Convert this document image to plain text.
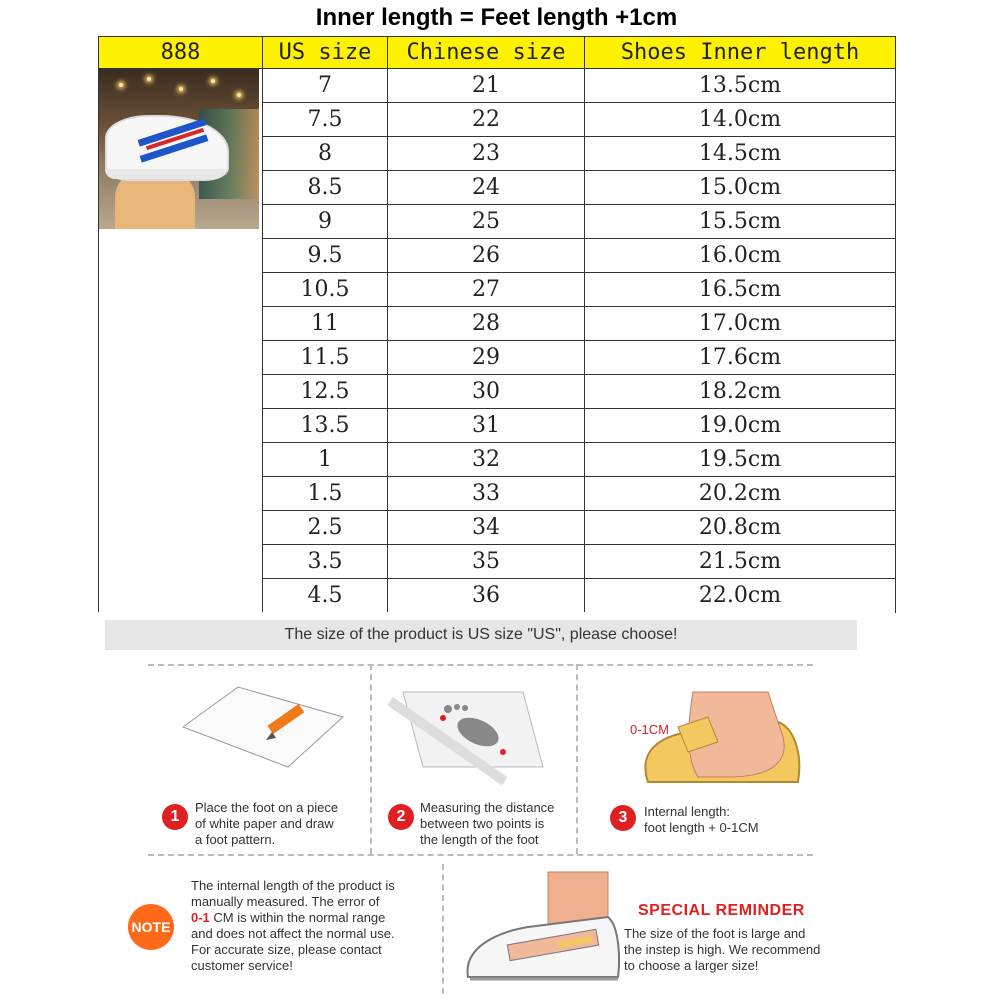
Inner length = Feet length +1cm
888	US size	Chinese size	Shoes Inner length

	7	21	13.5cm
	7.5	22	14.0cm
	8	23	14.5cm
	8.5	24	15.0cm
	9	25	15.5cm
	9.5	26	16.0cm
	10.5	27	16.5cm
	11	28	17.0cm
	11.5	29	17.6cm
	12.5	30	18.2cm
	13.5	31	19.0cm
	1	32	19.5cm
	1.5	33	20.2cm
	2.5	34	20.8cm
	3.5	35	21.5cm
	4.5	36	22.0cm
The size of the product is US size "US", please choose!
1
Place the foot on a piece
of white paper and draw
a foot pattern.
2
Measuring the distance
between two points is
the length of the foot
0-1CM
3	Internal length:
foot length + 0-1CM
NOTE
The internal length of the product is
manually measured. The error of
0-1 CM is within the normal range
and does not affect the normal use.
For accurate size, please contact
customer service!
SPECIAL REMINDER
The size of the foot is large and
the instep is high. We recommend
to choose a larger size!
